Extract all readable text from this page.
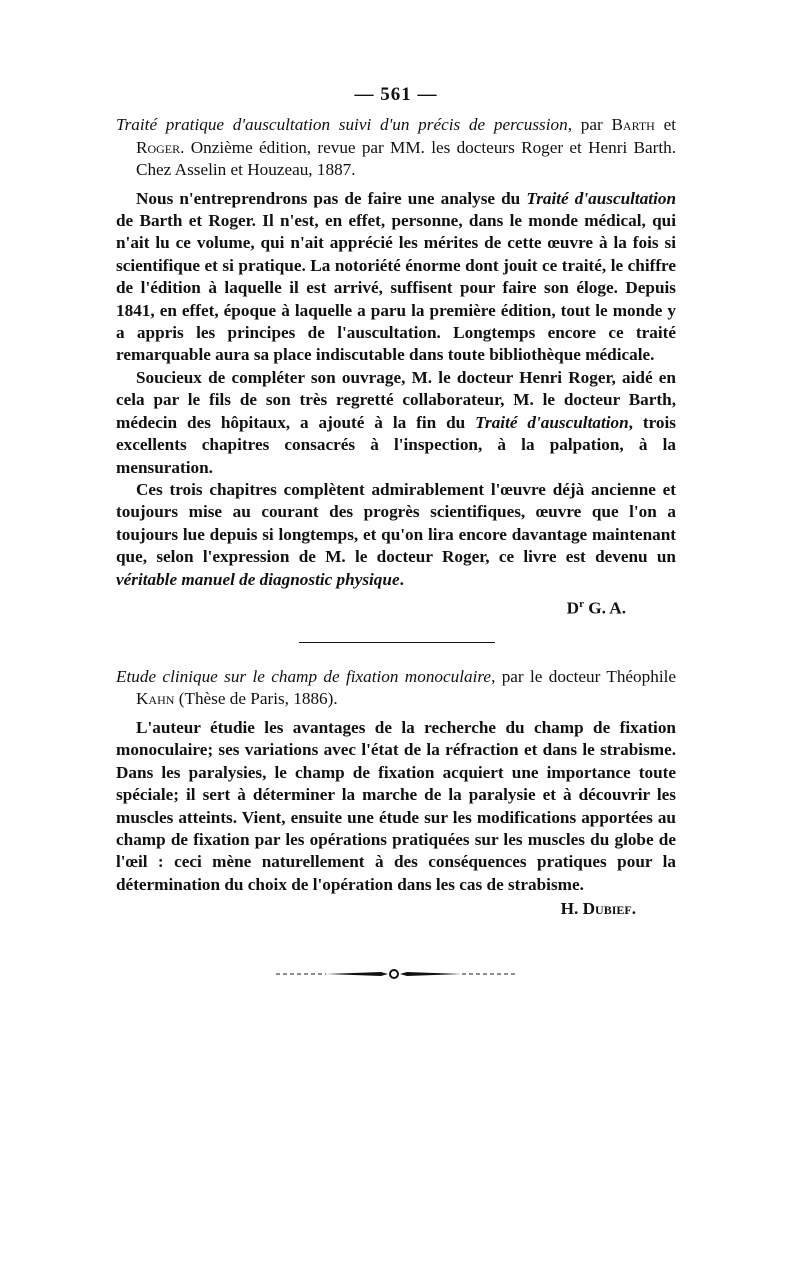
— 561 —

Traité pratique d'auscultation suivi d'un précis de percussion, par Barth et Roger. Onzième édition, revue par MM. les docteurs Roger et Henri Barth. Chez Asselin et Houzeau, 1887.

Nous n'entreprendrons pas de faire une analyse du Traité d'auscultation de Barth et Roger. Il n'est, en effet, personne, dans le monde médical, qui n'ait lu ce volume, qui n'ait apprécié les mérites de cette œuvre à la fois si scientifique et si pratique. La notoriété énorme dont jouit ce traité, le chiffre de l'édition à laquelle il est arrivé, suffisent pour faire son éloge. Depuis 1841, en effet, époque à laquelle a paru la première édition, tout le monde y a appris les principes de l'auscultation. Longtemps encore ce traité remarquable aura sa place indiscutable dans toute bibliothèque médicale.

Soucieux de compléter son ouvrage, M. le docteur Henri Roger, aidé en cela par le fils de son très regretté collaborateur, M. le docteur Barth, médecin des hôpitaux, a ajouté à la fin du Traité d'auscultation, trois excellents chapitres consacrés à l'inspection, à la palpation, à la mensuration.

Ces trois chapitres complètent admirablement l'œuvre déjà ancienne et toujours mise au courant des progrès scientifiques, œuvre que l'on a toujours lue depuis si longtemps, et qu'on lira encore davantage maintenant que, selon l'expression de M. le docteur Roger, ce livre est devenu un véritable manuel de diagnostic physique.

$D^r$ G. A.

Etude clinique sur le champ de fixation monoculaire, par le docteur Théophile Kahn (Thèse de Paris, 1886).

L'auteur étudie les avantages de la recherche du champ de fixation monoculaire; ses variations avec l'état de la réfraction et dans le strabisme. Dans les paralysies, le champ de fixation acquiert une importance toute spéciale; il sert à déterminer la marche de la paralysie et à découvrir les muscles atteints. Vient, ensuite une étude sur les modifications apportées au champ de fixation par les opérations pratiquées sur les muscles du globe de l'œil : ceci mène naturellement à des conséquences pratiques pour la détermination du choix de l'opération dans les cas de strabisme.

H. Dubief.
